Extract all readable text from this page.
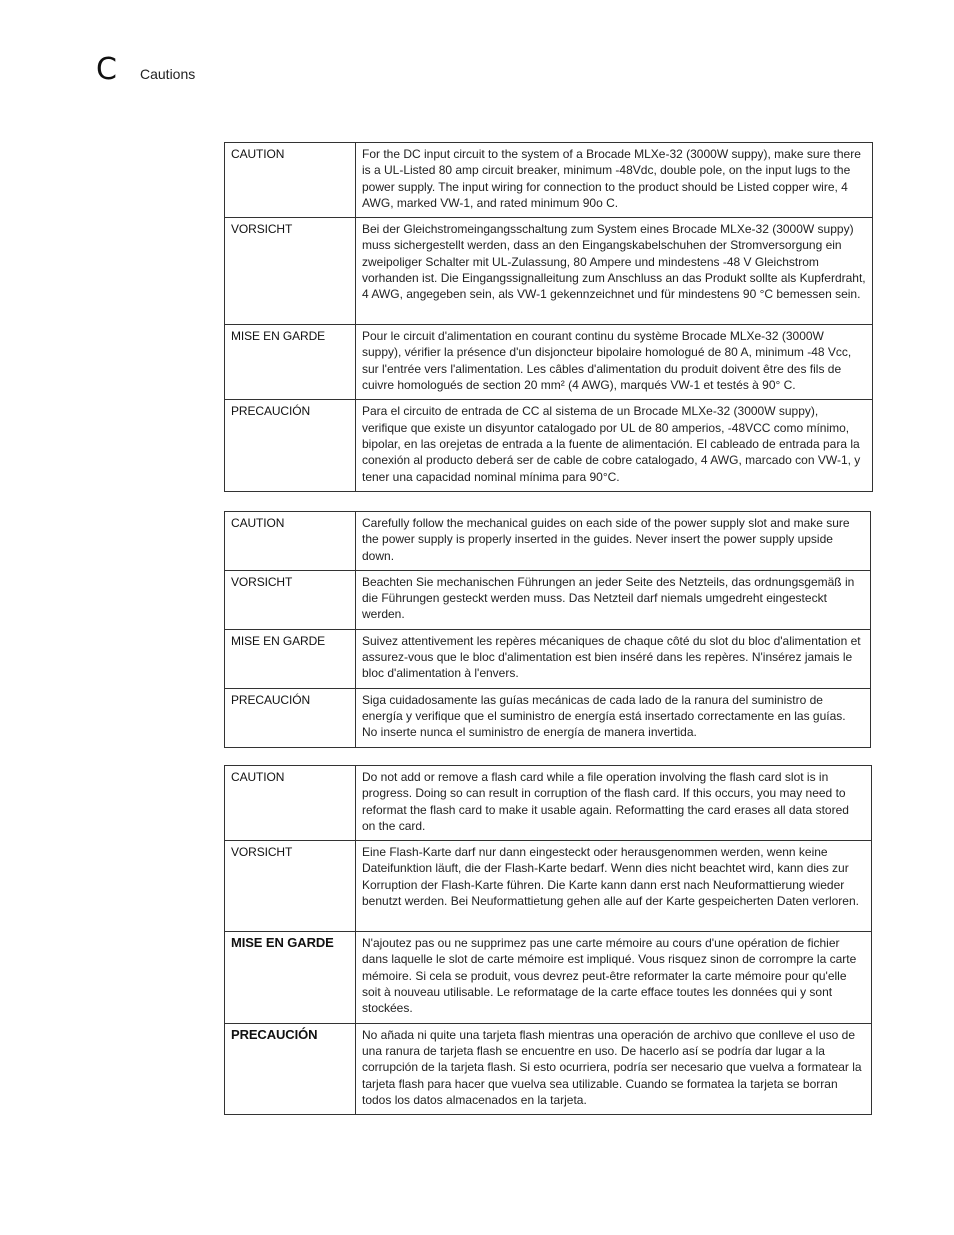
C Cautions
CAUTION	For the DC input circuit to the system of a Brocade MLXe-32 (3000W suppy), make sure there is a UL-Listed 80 amp circuit breaker, minimum -48Vdc, double pole, on the input lugs to the power supply. The input wiring for connection to the product should be Listed copper wire, 4 AWG, marked VW-1, and rated minimum 90o C.
VORSICHT	Bei der Gleichstromeingangsschaltung zum System eines Brocade MLXe-32 (3000W suppy) muss sichergestellt werden, dass an den Eingangskabelschuhen der Stromversorgung ein zweipoliger Schalter mit UL-Zulassung, 80 Ampere und mindestens -48 V Gleichstrom vorhanden ist. Die Eingangssignalleitung zum Anschluss an das Produkt sollte als Kupferdraht, 4 AWG, angegeben sein, als VW-1 gekennzeichnet und für mindestens 90 °C bemessen sein.
MISE EN GARDE	Pour le circuit d'alimentation en courant continu du système Brocade MLXe-32 (3000W suppy), vérifier la présence d'un disjoncteur bipolaire homologué de 80 A, minimum -48 Vcc, sur l'entrée vers l'alimentation. Les câbles d'alimentation du produit doivent être des fils de cuivre homologués de section 20 mm² (4 AWG), marqués VW-1 et testés à 90° C.
PRECAUCIÓN	Para el circuito de entrada de CC al sistema de un Brocade MLXe-32 (3000W suppy), verifique que existe un disyuntor catalogado por UL de 80 amperios, -48VCC como mínimo, bipolar, en las orejetas de entrada a la fuente de alimentación. El cableado de entrada para la conexión al producto deberá ser de cable de cobre catalogado, 4 AWG, marcado con VW-1, y tener una capacidad nominal mínima para 90°C.
CAUTION	Carefully follow the mechanical guides on each side of the power supply slot and make sure the power supply is properly inserted in the guides. Never insert the power supply upside down.
VORSICHT	Beachten Sie mechanischen Führungen an jeder Seite des Netzteils, das ordnungsgemäß in die Führungen gesteckt werden muss. Das Netzteil darf niemals umgedreht eingesteckt werden.
MISE EN GARDE	Suivez attentivement les repères mécaniques de chaque côté du slot du bloc d'alimentation et assurez-vous que le bloc d'alimentation est bien inséré dans les repères. N'insérez jamais le bloc d'alimentation à l'envers.
PRECAUCIÓN	Siga cuidadosamente las guías mecánicas de cada lado de la ranura del suministro de energía y verifique que el suministro de energía está insertado correctamente en las guías. No inserte nunca el suministro de energía de manera invertida.
CAUTION	Do not add or remove a flash card while a file operation involving the flash card slot is in progress. Doing so can result in corruption of the flash card. If this occurs, you may need to reformat the flash card to make it usable again. Reformatting the card erases all data stored on the card.
VORSICHT	Eine Flash-Karte darf nur dann eingesteckt oder herausgenommen werden, wenn keine Dateifunktion läuft, die der Flash-Karte bedarf. Wenn dies nicht beachtet wird, kann dies zur Korruption der Flash-Karte führen. Die Karte kann dann erst nach Neuformattierung wieder benutzt werden. Bei Neuformattietung gehen alle auf der Karte gespeicherten Daten verloren.
MISE EN GARDE	N'ajoutez pas ou ne supprimez pas une carte mémoire au cours d'une opération de fichier dans laquelle le slot de carte mémoire est impliqué. Vous risquez sinon de corrompre la carte mémoire. Si cela se produit, vous devrez peut-être reformater la carte mémoire pour qu'elle soit à nouveau utilisable. Le reformatage de la carte efface toutes les données qui y sont stockées.
PRECAUCIÓN	No añada ni quite una tarjeta flash mientras una operación de archivo que conlleve el uso de una ranura de tarjeta flash se encuentre en uso. De hacerlo así se podría dar lugar a la corrupción de la tarjeta flash. Si esto ocurriera, podría ser necesario que vuelva a formatear la tarjeta flash para hacer que vuelva sea utilizable. Cuando se formatea la tarjeta se borran todos los datos almacenados en la tarjeta.
